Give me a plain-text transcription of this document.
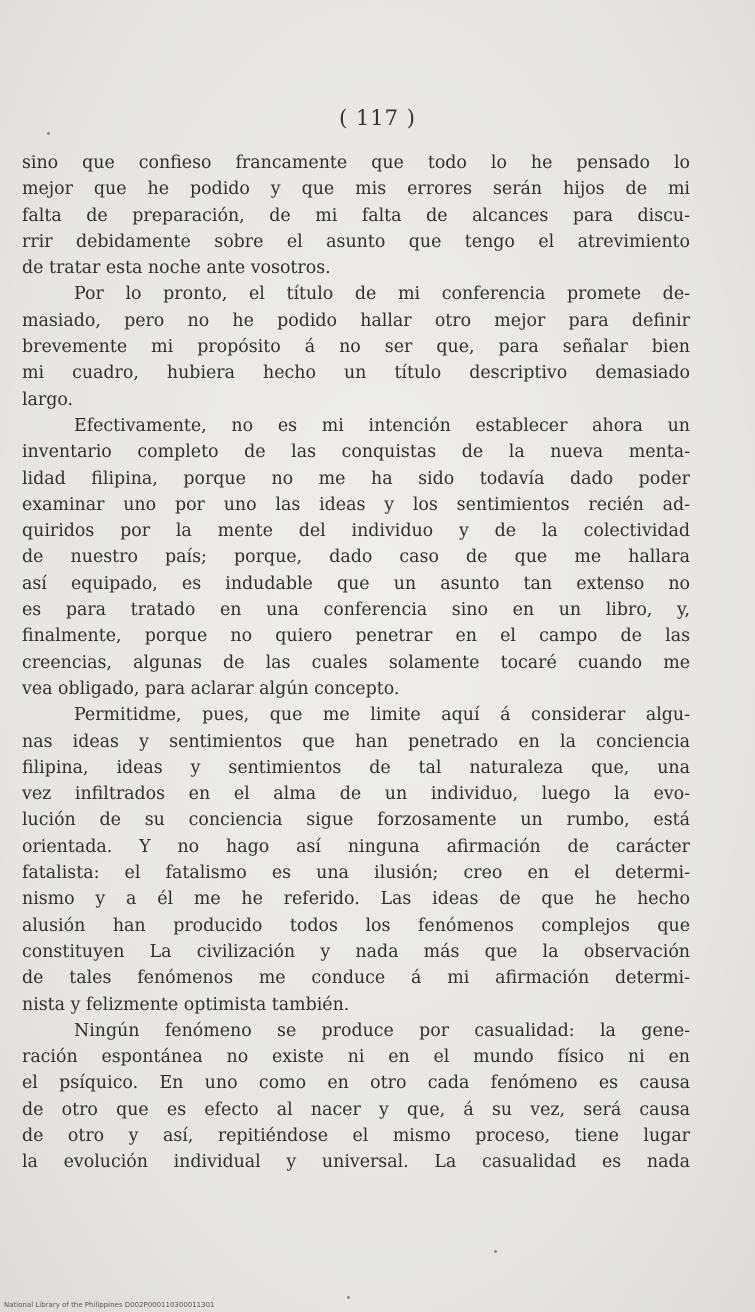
( 117 )
sino que confieso francamente que todo lo he pensado lo
mejor que he podido y que mis errores serán hijos de mi
falta de preparación, de mi falta de alcances para discu-
rrir debidamente sobre el asunto que tengo el atrevimiento
de tratar esta noche ante vosotros.
Por lo pronto, el título de mi conferencia promete de-
masiado, pero no he podido hallar otro mejor para definir
brevemente mi propósito á no ser que, para señalar bien
mi cuadro, hubiera hecho un título descriptivo demasiado
largo.
Efectivamente, no es mi intención establecer ahora un
inventario completo de las conquistas de la nueva menta-
lidad filipina, porque no me ha sido todavía dado poder
examinar uno por uno las ideas y los sentimientos recién ad-
quiridos por la mente del individuo y de la colectividad
de nuestro país; porque, dado caso de que me hallara
así equipado, es indudable que un asunto tan extenso no
es para tratado en una conferencia sino en un libro, y,
finalmente, porque no quiero penetrar en el campo de las
creencias, algunas de las cuales solamente tocaré cuando me
vea obligado, para aclarar algún concepto.
Permitidme, pues, que me limite aquí á considerar algu-
nas ideas y sentimientos que han penetrado en la conciencia
filipina, ideas y sentimientos de tal naturaleza que, una
vez infiltrados en el alma de un individuo, luego la evo-
lución de su conciencia sigue forzosamente un rumbo, está
orientada. Y no hago así ninguna afirmación de carácter
fatalista: el fatalismo es una ilusión; creo en el determi-
nismo y a él me he referido. Las ideas de que he hecho
alusión han producido todos los fenómenos complejos que
constituyen La civilización y nada más que la observación
de tales fenómenos me conduce á mi afirmación determi-
nista y felizmente optimista también.
Ningún fenómeno se produce por casualidad: la gene-
ración espontánea no existe ni en el mundo físico ni en
el psíquico. En uno como en otro cada fenómeno es causa
de otro que es efecto al nacer y que, á su vez, será causa
de otro y así, repitiéndose el mismo proceso, tiene lugar
la evolución individual y universal. La casualidad es nada
National Library of the Philippines D002P000110300011301
